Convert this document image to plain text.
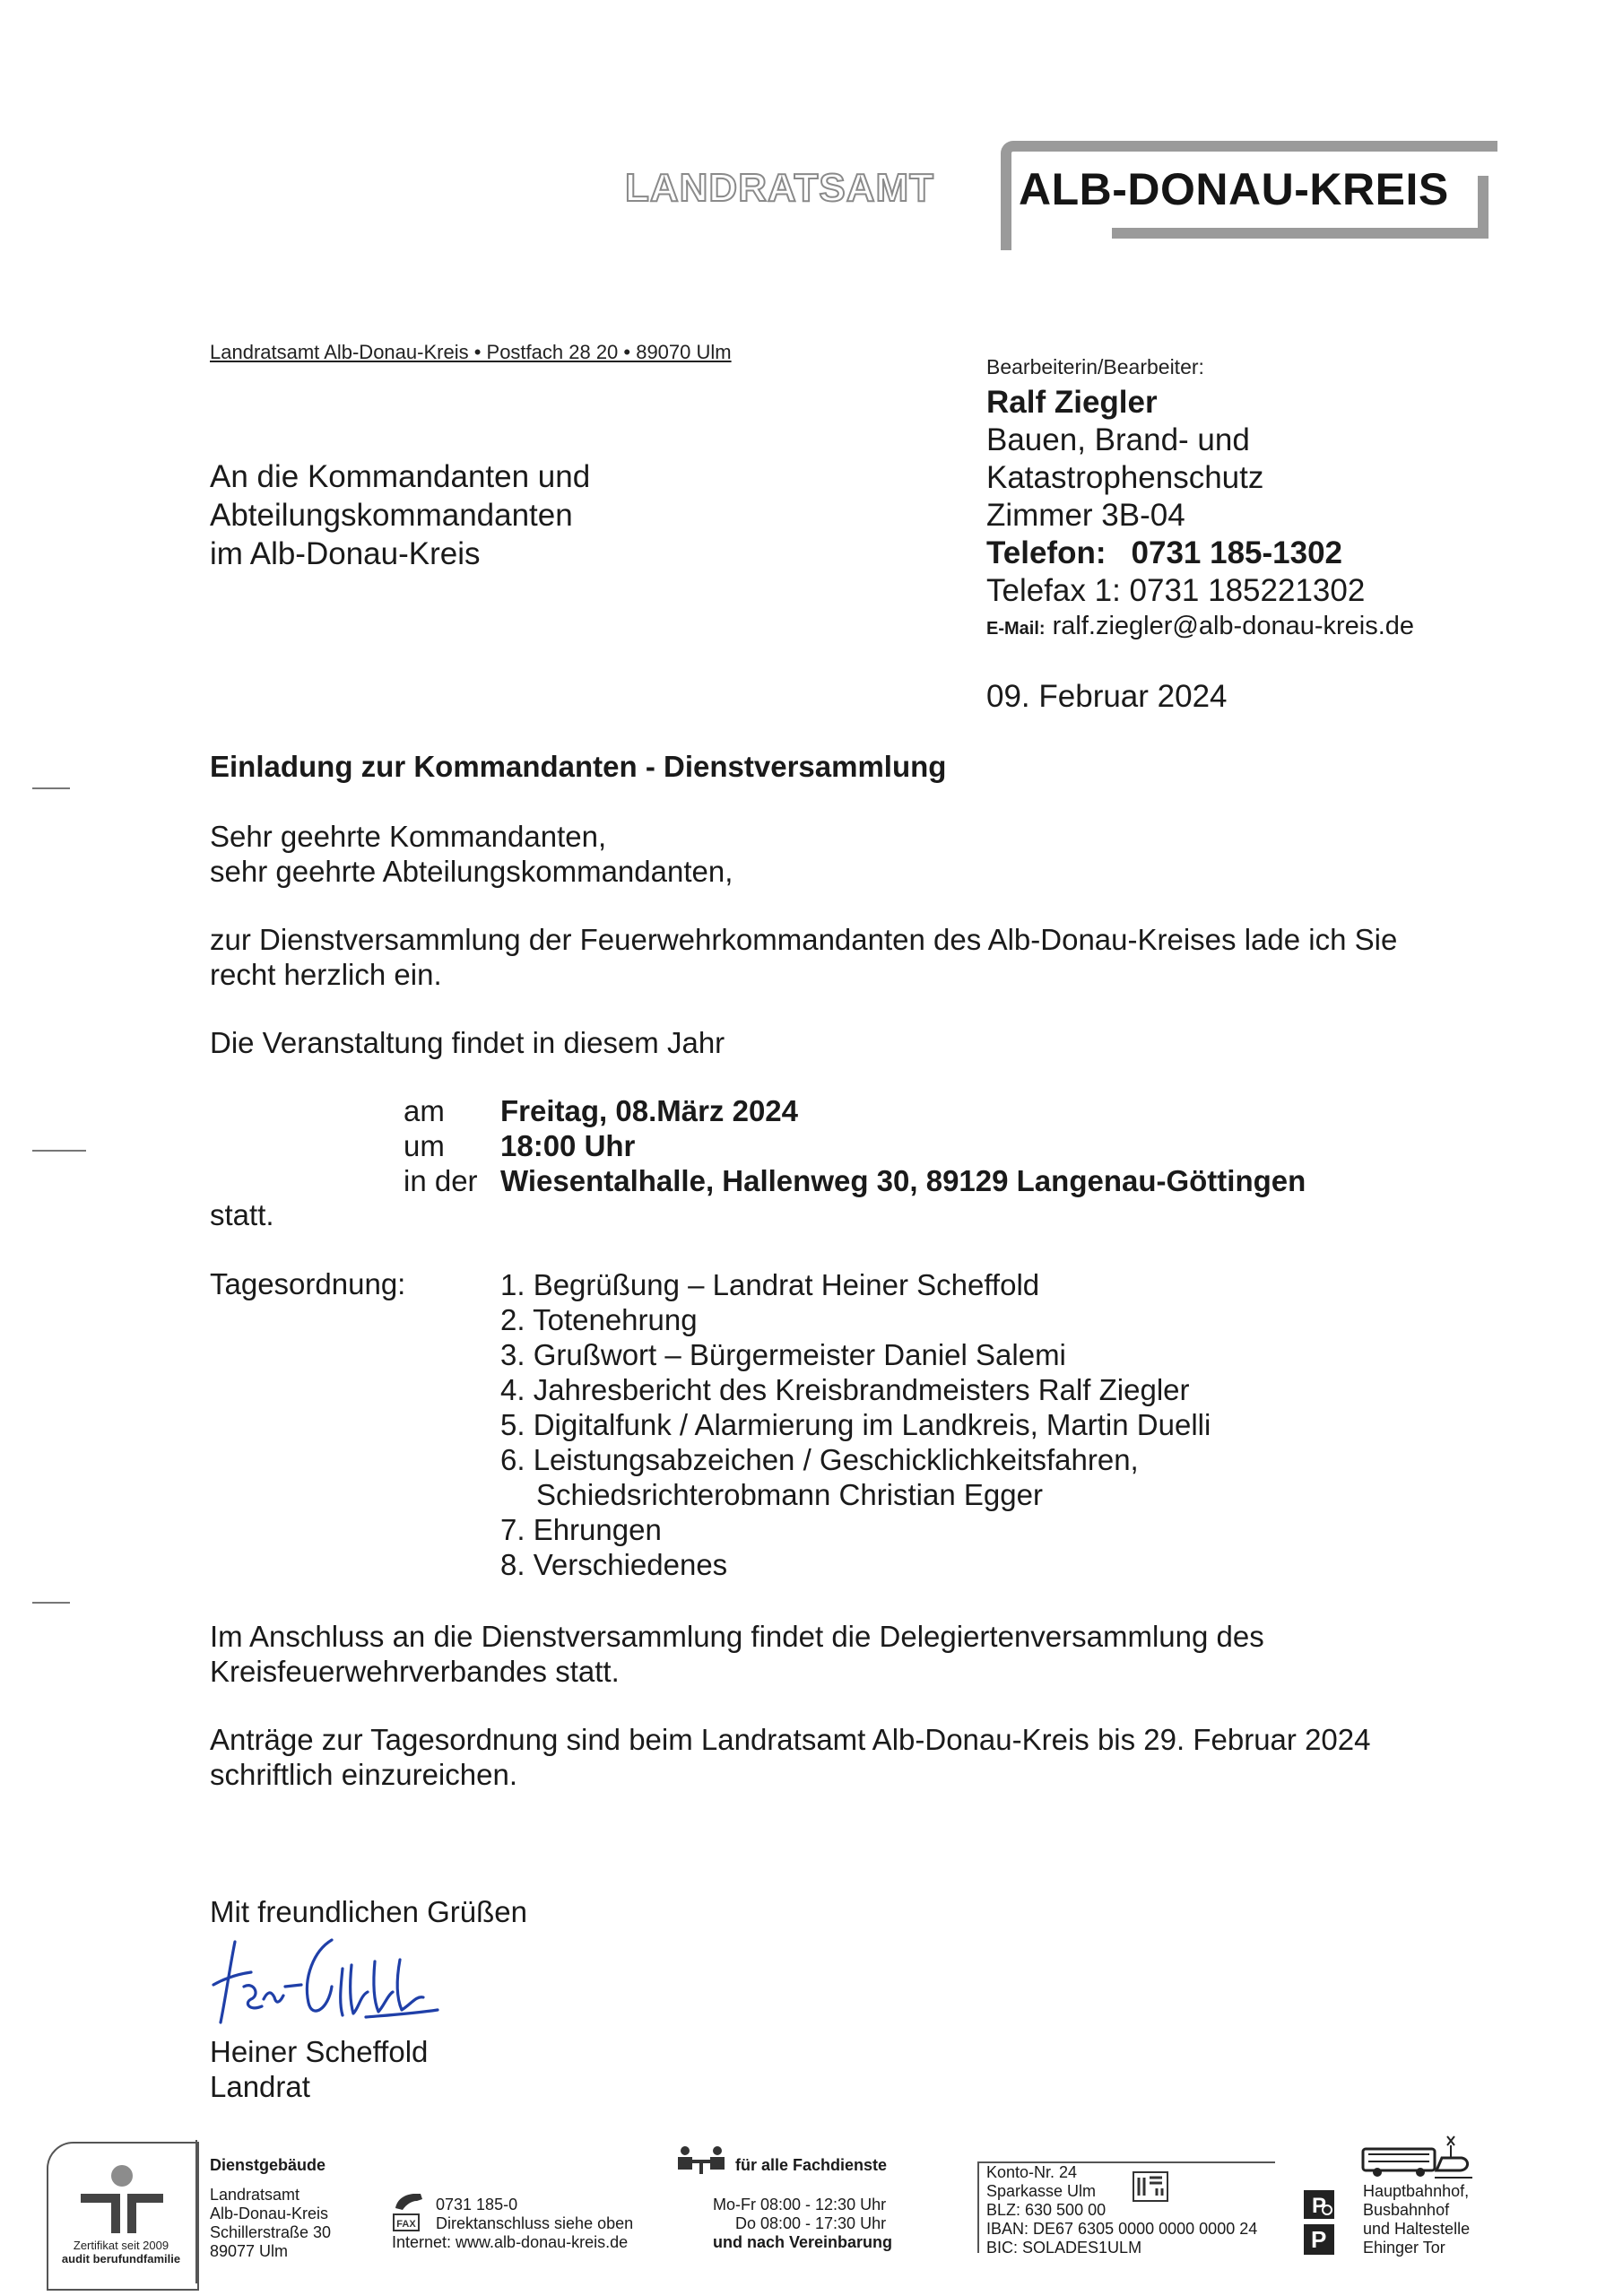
LANDRATSAMT ALB-DONAU-KREIS
Landratsamt Alb-Donau-Kreis • Postfach 28 20 • 89070 Ulm
An die Kommandanten und
Abteilungskommandanten
im Alb-Donau-Kreis
Bearbeiterin/Bearbeiter:
Ralf Ziegler
Bauen, Brand- und
Katastrophenschutz
Zimmer 3B-04
Telefon: 0731 185-1302
Telefax 1: 0731 185221302
E-Mail: ralf.ziegler@alb-donau-kreis.de
09. Februar 2024
Einladung zur Kommandanten - Dienstversammlung
Sehr geehrte Kommandanten,
sehr geehrte Abteilungskommandanten,
zur Dienstversammlung der Feuerwehrkommandanten des Alb-Donau-Kreises lade ich Sie recht herzlich ein.
Die Veranstaltung findet in diesem Jahr
am	Freitag, 08.März 2024
um	18:00 Uhr
in der Wiesentalhalle, Hallenweg 30, 89129 Langenau-Göttingen
statt.
Tagesordnung:	1. Begrüßung – Landrat Heiner Scheffold
2. Totenehrung
3. Grußwort – Bürgermeister Daniel Salemi
4. Jahresbericht des Kreisbrandmeisters Ralf Ziegler
5. Digitalfunk / Alarmierung im Landkreis, Martin Duelli
6. Leistungsabzeichen / Geschicklichkeitsfahren,
Schiedsrichterobmann Christian Egger
7. Ehrungen
8. Verschiedenes
Im Anschluss an die Dienstversammlung findet die Delegiertenversammlung des Kreisfeuerwehrverbandes statt.
Anträge zur Tagesordnung sind beim Landratsamt Alb-Donau-Kreis bis 29. Februar 2024 schriftlich einzureichen.
Mit freundlichen Grüßen
Heiner Scheffold
Landrat
Zertifikat seit 2009
audit berufundfamilie
Dienstgebäude
Landratsamt
Alb-Donau-Kreis
Schillerstraße 30
89077 Ulm
0731 185-0
FAX Direktanschluss siehe oben
Internet: www.alb-donau-kreis.de
für alle Fachdienste
Mo-Fr 08:00 - 12:30 Uhr
Do 08:00 - 17:30 Uhr
und nach Vereinbarung
Konto-Nr. 24
Sparkasse Ulm
BLZ: 630 500 00
IBAN: DE67 6305 0000 0000 0000 24
BIC: SOLADES1ULM
P
P
Hauptbahnhof,
Busbahnhof
und Haltestelle
Ehinger Tor
